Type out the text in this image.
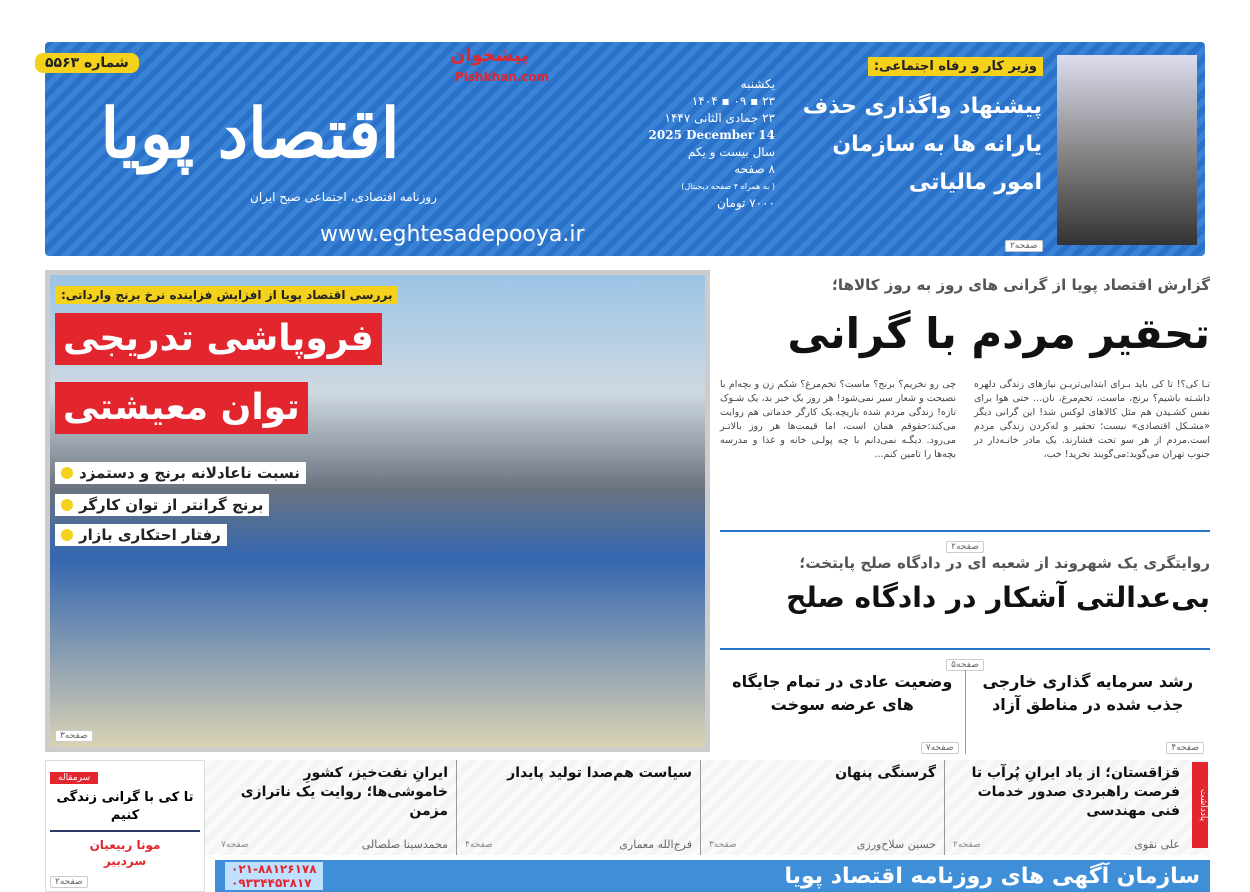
اقتصاد پویا
روزنامه اقتصادی، اجتماعی صبح ایران
پیشخوان
Pishkhan.com
شماره ۵۵۶۳
www.eghtesadepooya.ir
یکشنبه
۲۳ ▪ ۰۹ ▪ ۱۴۰۴
۲۳ جمادی الثانی ۱۴۴۷
2025 December 14
سال بیست و یکم
۸ صفحه
( به همراه ۴ صفحه دیجیتال)
۷۰۰۰ تومان
وزیر کار و رفاه اجتماعی:
پیشنهاد واگذاری حذف یارانه ها به سازمان امور مالیاتی
صفحه۲
بررسی اقتصاد پویا از افزایش فزاینده نرخ برنج وارداتی:
فروپاشی تدریجی
توان معیشتی
نسبت ناعادلانه برنج و دستمزد
برنج گرانتر از توان کارگر
رفتار احتکاری بازار
صفحه۳
گزارش اقتصاد پویا از گرانی های روز به روز کالاها؛
تحقیر مردم با گرانی
تـا کی؟! تا کی باید بـرای ابتدایی‌تریـن نیازهای زندگی دلهره داشـته باشیم؟ برنج، ماست، تخم‌مرغ، نان... حتی هوا برای نفس کشـیدن هم مثل کالاهای لوکس شد! این گرانی دیگر «مشـکل اقتصادی» نیست؛ تحقیر و له‌کردن زندگی مردم است.مردم از هر سو تحت فشارند. یک مادر خانـه‌دار در جنوب تهران می‌گوید:می‌گویند نخرید! خب،
چی رو نخریم؟ برنج؟ ماست؟ تخم‌مرغ؟ شکم زن و بچه‌ام با نصیحت و شعار سیر نمی‌شود! هر روز یک خبر بد، یک شـوک تازه! زندگی مردم شده بازیچه.یک کارگر خدماتی هم روایت می‌کند:حقوقم همان است، اما قیمت‌ها هر روز بالاتـر می‌رود. دیگـه نمی‌دانم با چه پولـی خانه و غذا و مدرسه بچه‌ها را تامین کنم...
صفحه۲
روایتگری یک شهروند از شعبه ای در دادگاه صلح پایتخت؛
بی‌عدالتی آشکار در دادگاه صلح
صفحه۵
رشد سرمایه گذاری خارجی جذب شده در مناطق آزاد
صفحه۴
وضعیت عادی در تمام جایگاه های عرضه سوخت
صفحه۷
قزاقستان؛ از یاد ایرانِ پُرآب تا فرصت راهبردی صدور خدمات فنی مهندسی
علی نقوی
صفحه۲
گرسنگی پنهان
حسین سلاح‌ورزی
صفحه۳
سیاست هم‌صدا تولید پایدار
فرج‌الله معماری
صفحه۴
ایرانِ نفت‌خیز، کشورِ خاموشی‌ها؛ روایت یک ناترازی مزمن
محمدسینا صلصالی
صفحه۷
یادداشت
سرمقاله
تا کی با گرانی زندگی کنیم
مونا ربیعیان
سردبیر
صفحه۲	سازمان آگهی های روزنامه اقتصاد پویا
۰۲۱-۸۸۱۲۶۱۷۸
۰۹۳۳۴۴۵۳۸۱۷
